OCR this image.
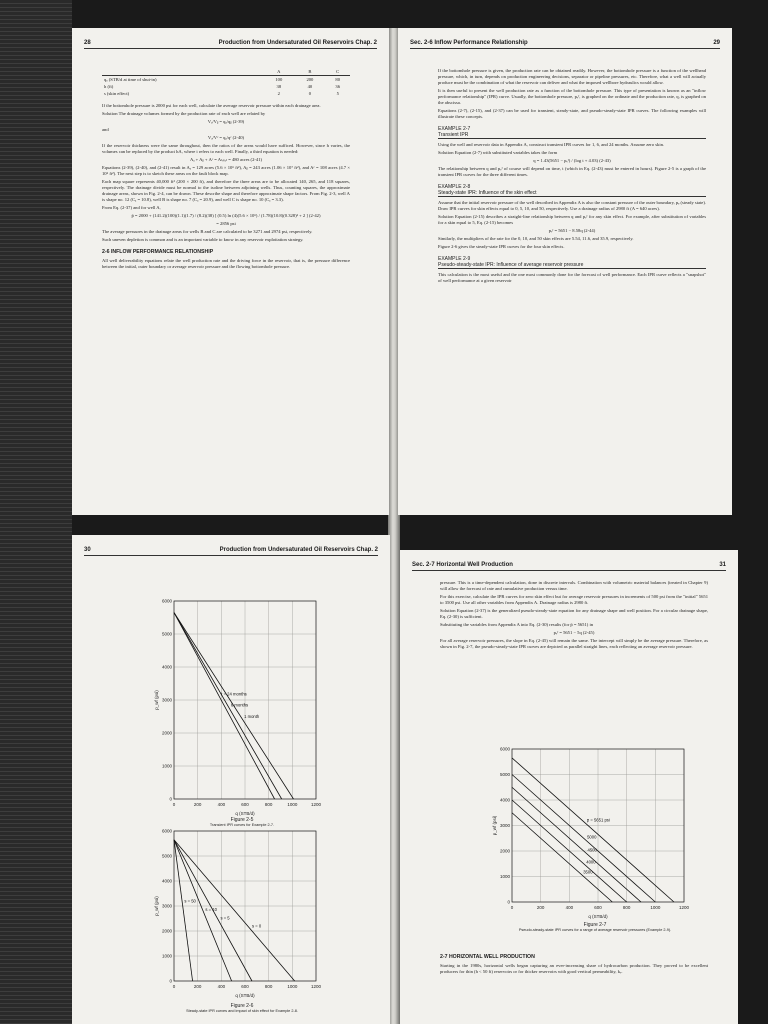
28	Production from Undersaturated Oil Reservoirs Chap. 2
	A	B	C
qₒ (STB/d at time of shut-in)	100	200	80
h (ft)	38	40	36
s (skin effect)	2	0	5

If the bottomhole pressure is 2000 psi for each well, calculate the average reservoir pressure within each drainage area.

Solution The drainage volumes formed by the production rate of each well are related by

Vₐ/Vᵦ = qₐ/qᵦ (2-39)

and

Vₐ/Vᶜ = qₐ/qᶜ (2-40)

If the reservoir thickness were the same throughout, then the ratios of the areas would have sufficed. However, since h varies, the volumes can be replaced by the product hA, where i refers to each well. Finally, a third equation is needed:

Aₐ + Aᵦ + Aᶜ = Aₜₒₜₐₗ = 480 acres (2-41)

Equations (2-39), (2-40), and (2-41) result in Aₐ = 129 acres (5.6 × 10⁶ ft²), Aᵦ = 243 acres (1.06 × 10⁷ ft²), and Aᶜ = 108 acres (4.7 × 10⁶ ft²). The next step is to sketch these areas on the fault block map.

Each map square represents 40,000 ft² (200 × 200 ft), and therefore the three areas are to be allocated 140, 265, and 118 squares, respectively. The drainage divide must be normal to the isoline between adjoining wells. Thus, counting squares, the approximate drainage areas, shown in Fig. 2-4, can be drawn. These describe shape and therefore approximate shape factors. From Fig. 2-3, well A is shape no. 12 (Cₐ = 10.8), well B is shape no. 7 (Cₐ = 20.9), and well C is shape no. 10 (Cₐ = 3.3).

From Eq. (2-37) and for well A,

p̄ = 2000 + (141.2)(100)(1.1)(1.7) / (8.2)(38) [ (0.5) ln (4)(5.6 × 10⁶) / (1.78)(10.8)(0.328)² + 2 ] (2-42)
= 2856 psi

The average pressures in the drainage areas for wells B and C are calculated to be 3271 and 2974 psi, respectively.

Such uneven depletion is common and is an important variable to know in any reservoir exploitation strategy.

2-6 INFLOW PERFORMANCE RELATIONSHIP

All well deliverability equations relate the well production rate and the driving force in the reservoir, that is, the pressure difference between the initial, outer boundary or average reservoir pressure and the flowing bottomhole pressure.

Sec. 2-6 Inflow Performance Relationship	29

If the bottomhole pressure is given, the production rate can be obtained readily. However, the bottomhole pressure is a function of the wellhead pressure, which, in turn, depends on production engineering decisions, separator or pipeline pressures, etc. Therefore, what a well will actually produce must be the combination of what the reservoir can deliver and what the imposed wellbore hydraulics would allow.

It is then useful to present the well production rate as a function of the bottomhole pressure. This type of presentation is known as an "inflow performance relationship" (IPR) curve. Usually, the bottomhole pressure, pᵥᶠ, is graphed on the ordinate and the production rate, q, is graphed on the abscissa.

Equations (2-7), (2-15), and (2-37) can be used for transient, steady-state, and pseudo-steady-state IPR curves. The following examples will illustrate these concepts.

EXAMPLE 2-7
Transient IPR

Using the well and reservoir data in Appendix A, construct transient IPR curves for 1, 6, and 24 months. Assume zero skin.

Solution Equation (2-7) with substituted variables takes the form

q = 1.43(5651 − pᵥᶠ) / (log t + 4.03) (2-43)

The relationship between q and pᵥᶠ of course will depend on time, t (which in Eq. (2-43) must be entered in hours). Figure 2-5 is a graph of the transient IPR curves for the three different times.

EXAMPLE 2-8
Steady-state IPR: Influence of the skin effect

Assume that the initial reservoir pressure of the well described in Appendix A is also the constant pressure of the outer boundary, pₑ (steady state). Draw IPR curves for skin effects equal to 0, 5, 10, and 50, respectively. Use a drainage radius of 2980 ft (A = 640 acres).

Solution Equation (2-15) describes a straight-line relationship between q and pᵥᶠ for any skin effect. For example, after substitution of variables for a skin equal to 5, Eq. (2-15) becomes

pᵥᶠ = 5651 − 8.58q (2-44)

Similarly, the multipliers of the rate for the 0, 10, and 50 skin effects are 5.54, 11.6, and 35.9, respectively.

Figure 2-6 gives the steady-state IPR curves for the four skin effects.

EXAMPLE 2-9
Pseudo-steady-state IPR: Influence of average reservoir pressure

This calculation is the most useful and the one most commonly done for the forecast of well performance. Each IPR curve reflects a "snapshot" of well performance at a given reservoir

30	Production from Undersaturated Oil Reservoirs Chap. 2
0	200	400	600	800	1000	1200
0
1000
2000
3000
4000
5000
6000
q (STB/d)
p_wf (psi)	t = 24 months
6 months
1 month
Figure 2-5
Transient IPR curves for Example 2-7.
0	200	400	600	800	1000	1200
0
1000
2000
3000
4000
5000
6000
q (STB/d)
p_wf (psi)	s = 50
s = 10
s = 5
s = 0
Figure 2-6
Steady-state IPR curves and impact of skin effect for Example 2-8.
Sec. 2-7 Horizontal Well Production	31

pressure. This is a time-dependent calculation, done in discrete intervals. Combination with volumetric material balances (treated in Chapter 9) will allow the forecast of rate and cumulative production versus time.

For this exercise, calculate the IPR curves for zero skin effect but for average reservoir pressures in increments of 500 psi from the "initial" 5651 to 3500 psi. Use all other variables from Appendix A. Drainage radius is 2980 ft.

Solution Equation (2-37) is the generalized pseudo-steady-state equation for any drainage shape and well position. For a circular drainage shape, Eq. (2-30) is sufficient.

Substituting the variables from Appendix A into Eq. (2-30) results (for p̄ = 5651) in

pᵥᶠ = 5651 − 5q (2-45)

For all average reservoir pressures, the slope in Eq. (2-45) will remain the same. The intercept will simply be the average pressure. Therefore, as shown in Fig. 2-7, the pseudo-steady-state IPR curves are depicted as parallel straight lines, each reflecting an average reservoir pressure.

0	200	400	600	800	1000	1200
0
1000
2000
3000
4000
5000
6000
q (STB/d)
p_wf (psi)	p̄ = 5651 psi
5000
4500
4000
3500
Figure 2-7
Pseudo-steady-state IPR curves for a range of average reservoir pressures (Example 2-9).
2-7 HORIZONTAL WELL PRODUCTION

Starting in the 1980s, horizontal wells began capturing an ever-increasing share of hydrocarbon production. They proved to be excellent producers for thin (h < 50 ft) reservoirs or for thicker reservoirs with good vertical permeability, kᵥ.
